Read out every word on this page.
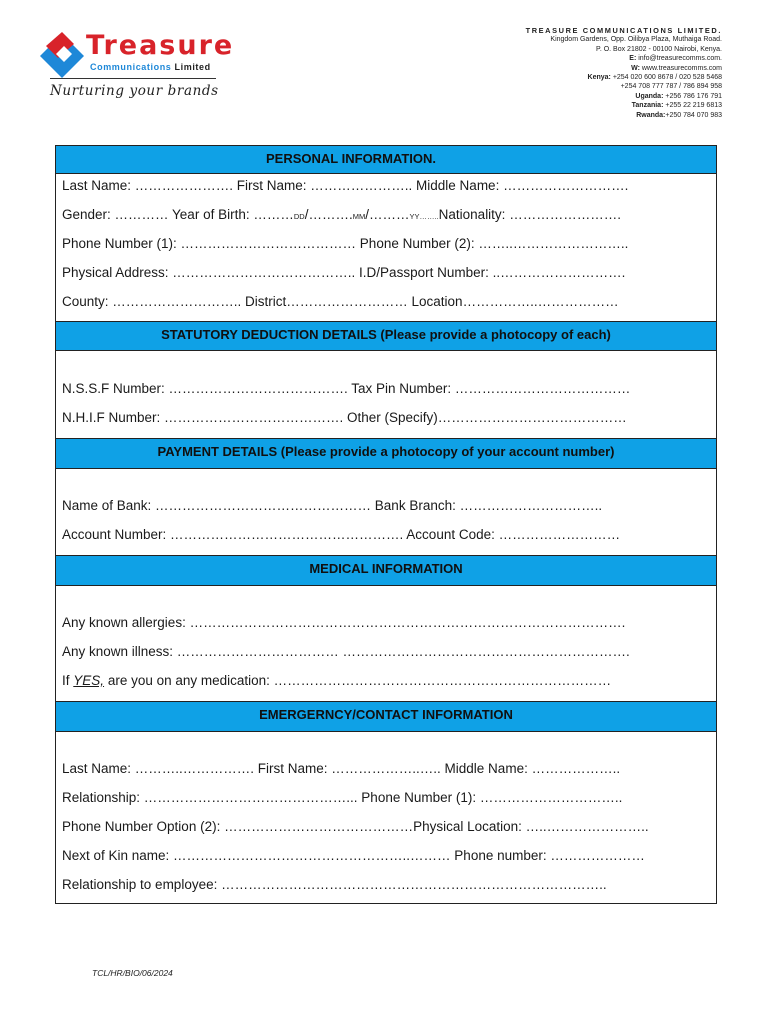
Treasure
Communications Limited
Nurturing your brands
TREASURE COMMUNICATIONS LIMITED.
Kingdom Gardens, Opp. Oilibya Plaza, Muthaiga Road.
P. O. Box 21802 - 00100 Nairobi, Kenya.
E: info@treasurecomms.com.
W: www.treasurecomms.com
Kenya: +254 020 600 8678 / 020 528 5468
+254 708 777 787 / 786 894 958
Uganda: +256 786 176 791
Tanzania: +255 22 219 6813
Rwanda:+250 784 070 983
PERSONAL INFORMATION.
Last Name: …………………. First Name: ………………….. Middle Name: ……………………….
Gender: ………… Year of Birth: ………DD/……….MM/………YY……..Nationality: …………………….
Phone Number (1): ………………………………… Phone Number (2): ……..……………………..
Physical Address: ………………………………….. I.D/Passport Number: ..……………………….
County: ……………………….. District……………………… Location……………..………………
STATUTORY DEDUCTION DETAILS (Please provide a photocopy of each)
N.S.S.F Number: …………………………………. Tax Pin Number: …………………………………
N.H.I.F Number: …………………………………. Other (Specify)……………………………………
PAYMENT DETAILS (Please provide a photocopy of your account number)
Name of Bank: ………………………………………… Bank Branch: …………………………..
Account Number: ……………………………………………. Account Code: ………………………
MEDICAL INFORMATION
Any known allergies: …………………………………………………………………………………….
Any known illness: ……………………………… ……………………………………………………….
If YES, are you on any medication: …………………………………………………………………
EMERGERNCY/CONTACT INFORMATION
Last Name: ………..……………. First Name: ………………..….. Middle Name: ………………..
Relationship: ………………………………………... Phone Number (1): …………………………..
Phone Number Option (2): ……………………………………Physical Location: …..…………………..
Next of Kin name: ……………………………………………..……… Phone number: …………………
Relationship to employee: …………………………………………………………………………..
TCL/HR/BIO/06/2024
